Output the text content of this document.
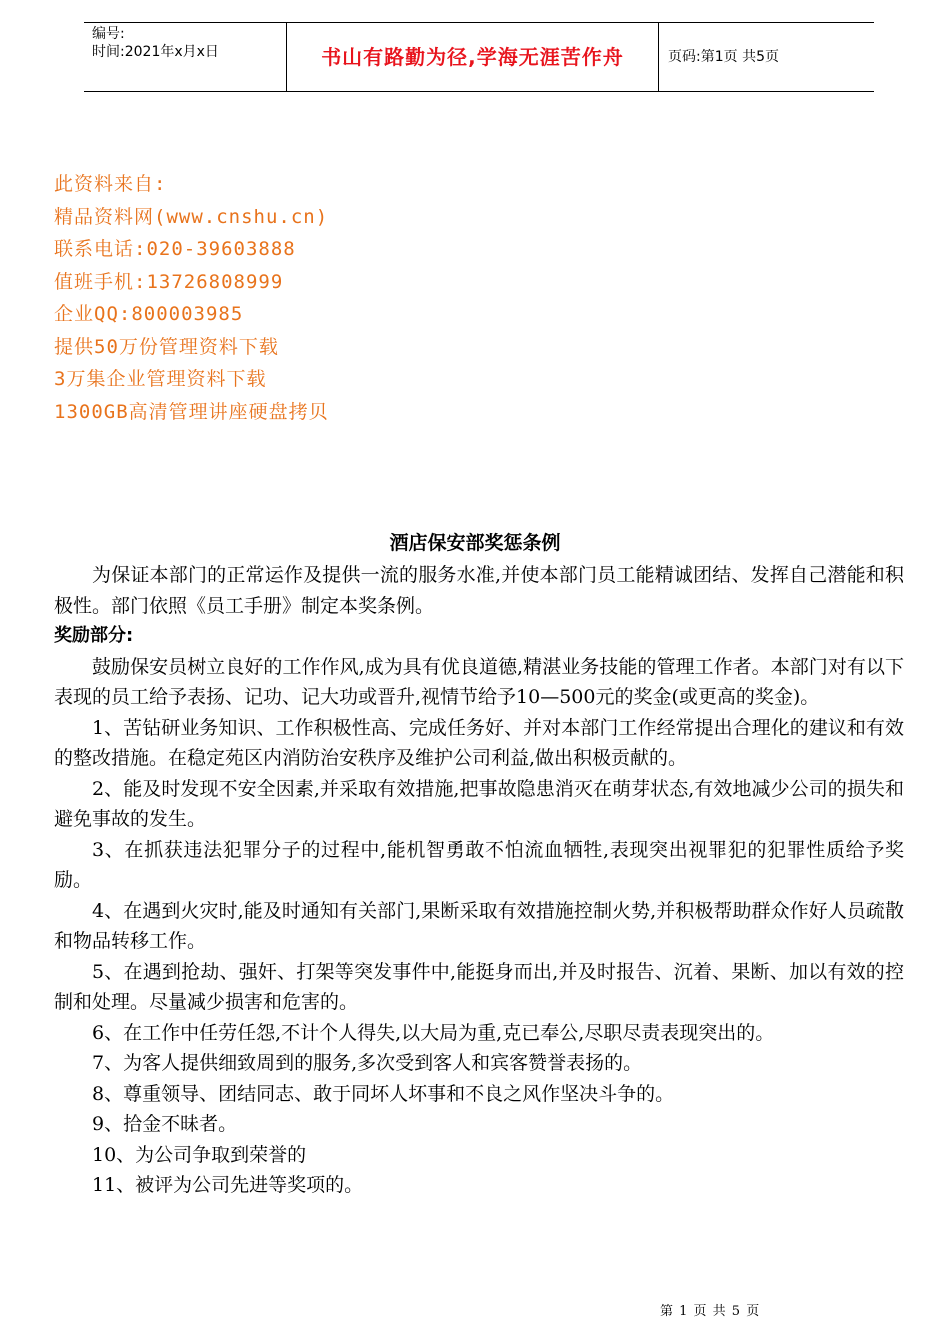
编号:
时间:2021年x月x日	书山有路勤为径,学海无涯苦作舟	页码:第1页 共5页
此资料来自:
精品资料网(www.cnshu.cn)
联系电话:020-39603888
值班手机:13726808999
企业QQ:800003985
提供50万份管理资料下载
3万集企业管理资料下载
1300GB高清管理讲座硬盘拷贝
酒店保安部奖惩条例

为保证本部门的正常运作及提供一流的服务水准,并使本部门员工能精诚团结、发挥自己潜能和积极性。部门依照《员工手册》制定本奖条例。

奖励部分:

鼓励保安员树立良好的工作作风,成为具有优良道德,精湛业务技能的管理工作者。本部门对有以下表现的员工给予表扬、记功、记大功或晋升,视情节给予10—500元的奖金(或更高的奖金)。

1、苦钻研业务知识、工作积极性高、完成任务好、并对本部门工作经常提出合理化的建议和有效的整改措施。在稳定苑区内消防治安秩序及维护公司利益,做出积极贡献的。

2、能及时发现不安全因素,并采取有效措施,把事故隐患消灭在萌芽状态,有效地减少公司的损失和避免事故的发生。

3、在抓获违法犯罪分子的过程中,能机智勇敢不怕流血牺牲,表现突出视罪犯的犯罪性质给予奖励。

4、在遇到火灾时,能及时通知有关部门,果断采取有效措施控制火势,并积极帮助群众作好人员疏散和物品转移工作。

5、在遇到抢劫、强奸、打架等突发事件中,能挺身而出,并及时报告、沉着、果断、加以有效的控制和处理。尽量减少损害和危害的。

6、在工作中任劳任怨,不计个人得失,以大局为重,克已奉公,尽职尽责表现突出的。

7、为客人提供细致周到的服务,多次受到客人和宾客赞誉表扬的。

8、尊重领导、团结同志、敢于同坏人坏事和不良之风作坚决斗争的。

9、拾金不昧者。

10、为公司争取到荣誉的

11、被评为公司先进等奖项的。

第 1 页 共 5 页
